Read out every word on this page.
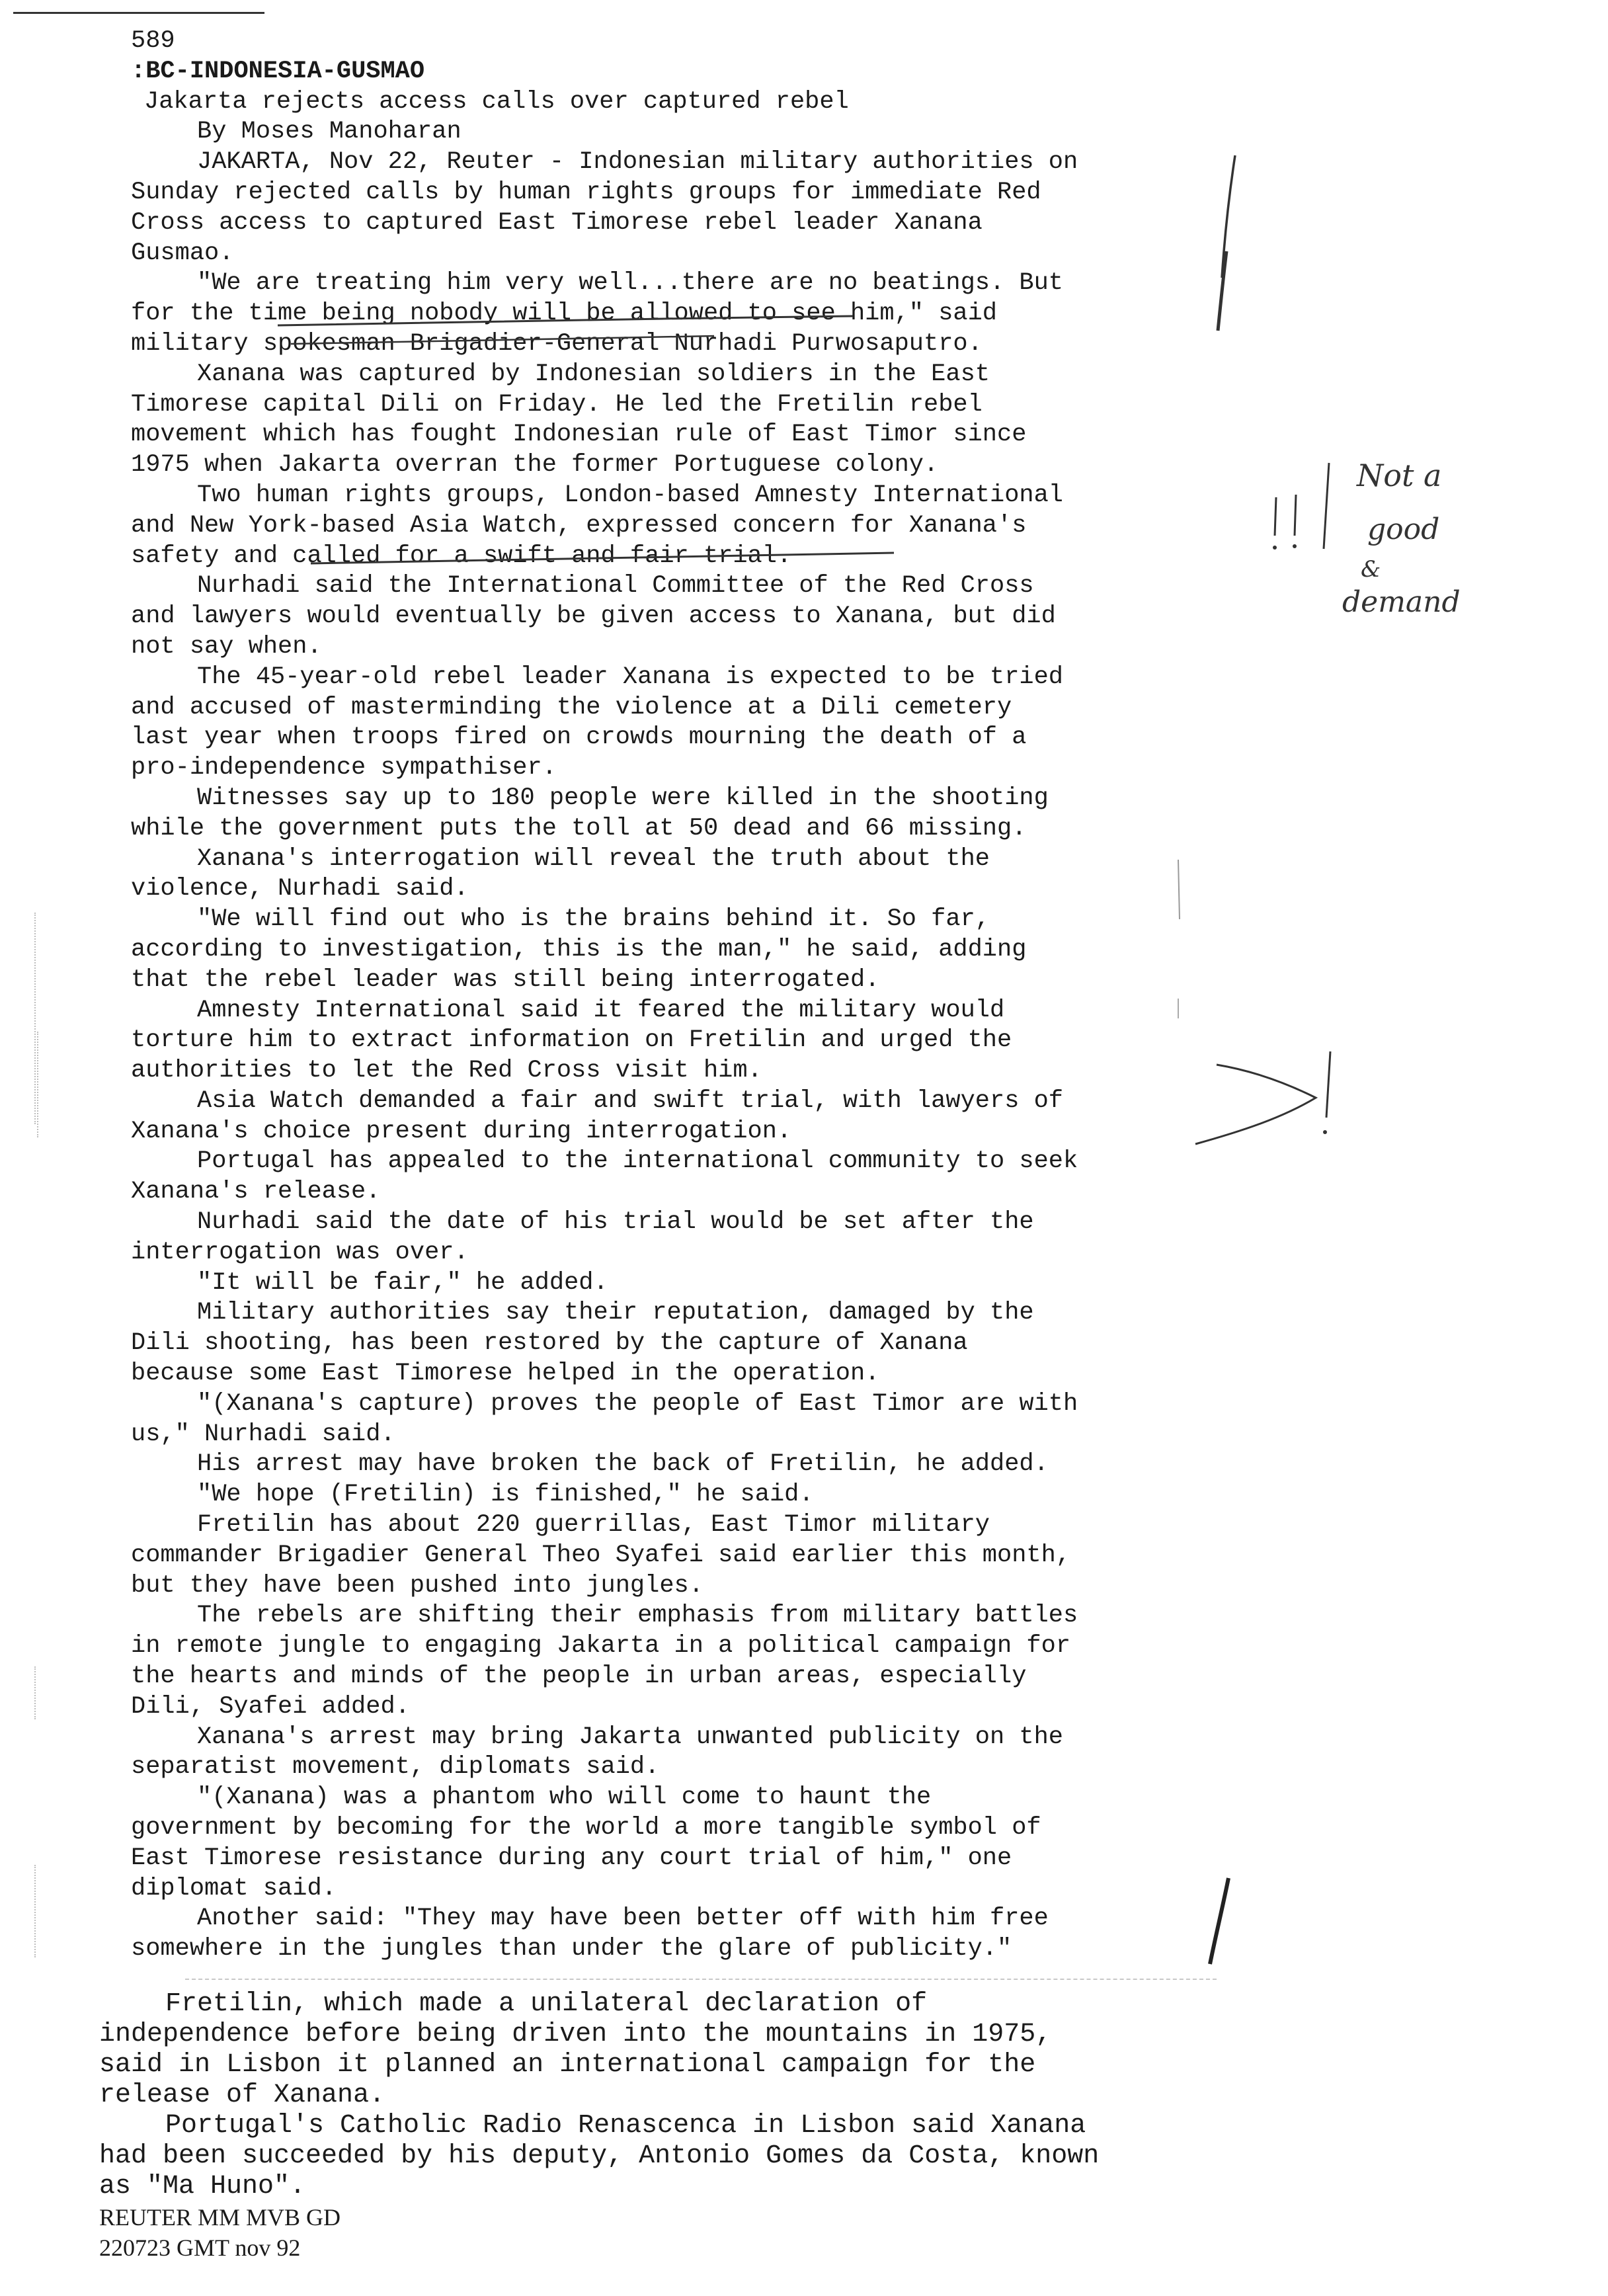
589
:BC-INDONESIA-GUSMAO
Jakarta rejects access calls over captured rebel
By Moses Manoharan
JAKARTA, Nov 22, Reuter - Indonesian military authorities on
Sunday rejected calls by human rights groups for immediate Red
Cross access to captured East Timorese rebel leader Xanana
Gusmao.
"We are treating him very well...there are no beatings. But
for the time being nobody will be allowed to see him," said
military spokesman Brigadier-General Nurhadi Purwosaputro.
Xanana was captured by Indonesian soldiers in the East
Timorese capital Dili on Friday. He led the Fretilin rebel
movement which has fought Indonesian rule of East Timor since
1975 when Jakarta overran the former Portuguese colony.
Two human rights groups, London-based Amnesty International
and New York-based Asia Watch, expressed concern for Xanana's
safety and called for a swift and fair trial.
Nurhadi said the International Committee of the Red Cross
and lawyers would eventually be given access to Xanana, but did
not say when.
The 45-year-old rebel leader Xanana is expected to be tried
and accused of masterminding the violence at a Dili cemetery
last year when troops fired on crowds mourning the death of a
pro-independence sympathiser.
Witnesses say up to 180 people were killed in the shooting
while the government puts the toll at 50 dead and 66 missing.
Xanana's interrogation will reveal the truth about the
violence, Nurhadi said.
"We will find out who is the brains behind it. So far,
according to investigation, this is the man," he said, adding
that the rebel leader was still being interrogated.
Amnesty International said it feared the military would
torture him to extract information on Fretilin and urged the
authorities to let the Red Cross visit him.
Asia Watch demanded a fair and swift trial, with lawyers of
Xanana's choice present during interrogation.
Portugal has appealed to the international community to seek
Xanana's release.
Nurhadi said the date of his trial would be set after the
interrogation was over.
"It will be fair," he added.
Military authorities say their reputation, damaged by the
Dili shooting, has been restored by the capture of Xanana
because some East Timorese helped in the operation.
"(Xanana's capture) proves the people of East Timor are with
us," Nurhadi said.
His arrest may have broken the back of Fretilin, he added.
"We hope (Fretilin) is finished," he said.
Fretilin has about 220 guerrillas, East Timor military
commander Brigadier General Theo Syafei said earlier this month,
but they have been pushed into jungles.
The rebels are shifting their emphasis from military battles
in remote jungle to engaging Jakarta in a political campaign for
the hearts and minds of the people in urban areas, especially
Dili, Syafei added.
Xanana's arrest may bring Jakarta unwanted publicity on the
separatist movement, diplomats said.
"(Xanana) was a phantom who will come to haunt the
government by becoming for the world a more tangible symbol of
East Timorese resistance during any court trial of him," one
diplomat said.
Another said: "They may have been better off with him free
somewhere in the jungles than under the glare of publicity."
Fretilin, which made a unilateral declaration of
independence before being driven into the mountains in 1975,
said in Lisbon it planned an international campaign for the
release of Xanana.
Portugal's Catholic Radio Renascenca in Lisbon said Xanana
had been succeeded by his deputy, Antonio Gomes da Costa, known
as "Ma Huno".
REUTER MM MVB GD
220723 GMT nov 92
Not a
good
&
demand
!!
!
